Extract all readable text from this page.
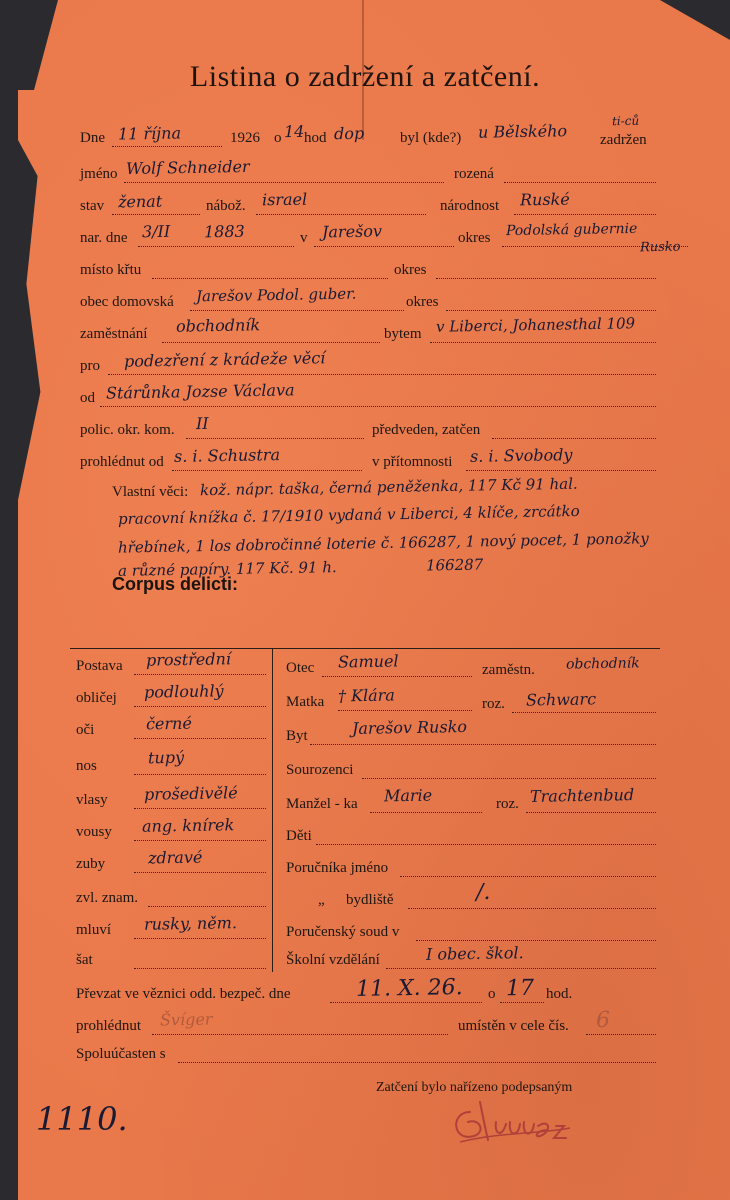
Listina o zadržení a zatčení.
Dne 11 října	1926 o 14 hod dop byl (kde?) u Bělského
ti-ců
zadržen
jméno Wolf Schneider	rozená
stav ženat	nábož. israel	národnost Ruské
nar. dne 3/II 1883	v Jarešov	okres Podolská gubernie
Rusko
místo křtu	okres
obec domovská Jarešov Podol. guber.	okres
zaměstnání obchodník	bytem v Liberci, Johanesthal 109
pro podezření z krádeže věcí
od Stárůnka Jozse Václava
polic. okr. kom. II	předveden, zatčen
prohlédnut od s. i. Schustra	v přítomnosti s. i. Svobody
Vlastní věci: kož. nápr. taška, černá peněženka, 117 Kč 91 hal.
pracovní knížka č. 17/1910 vydaná v Liberci, 4 klíče, zrcátko
hřebínek, 1 los dobročinné loterie č. 166287, 1 nový pocet, 1 ponožky
a různé papíry. 117 Kč. 91 h.	166287
Corpus delicti:
Postava prostřední
obličej podlouhlý
oči	černé
nos	tupý
vlasy prošedivělé
vousy ang. knírek
zuby	zdravé
zvl. znam.
mluví rusky, něm.
šat
Otec Samuel	zaměstn. obchodník
Matka † Klára	roz. Schwarc
Byt	Jarešov Rusko
Sourozenci
Manžel - ka Marie	roz. Trachtenbud
Děti
Poručníka jméno
„ bydliště	/.
Poručenský soud v
Školní vzdělání	I obec. škol.
Převzat ve věznici odd. bezpeč. dne	11. X. 26. o 17 hod.
prohlédnut Švíger	umístěn v cele čís. 6
Spoluúčasten s
Zatčení bylo nařízeno podepsaným
1110.
